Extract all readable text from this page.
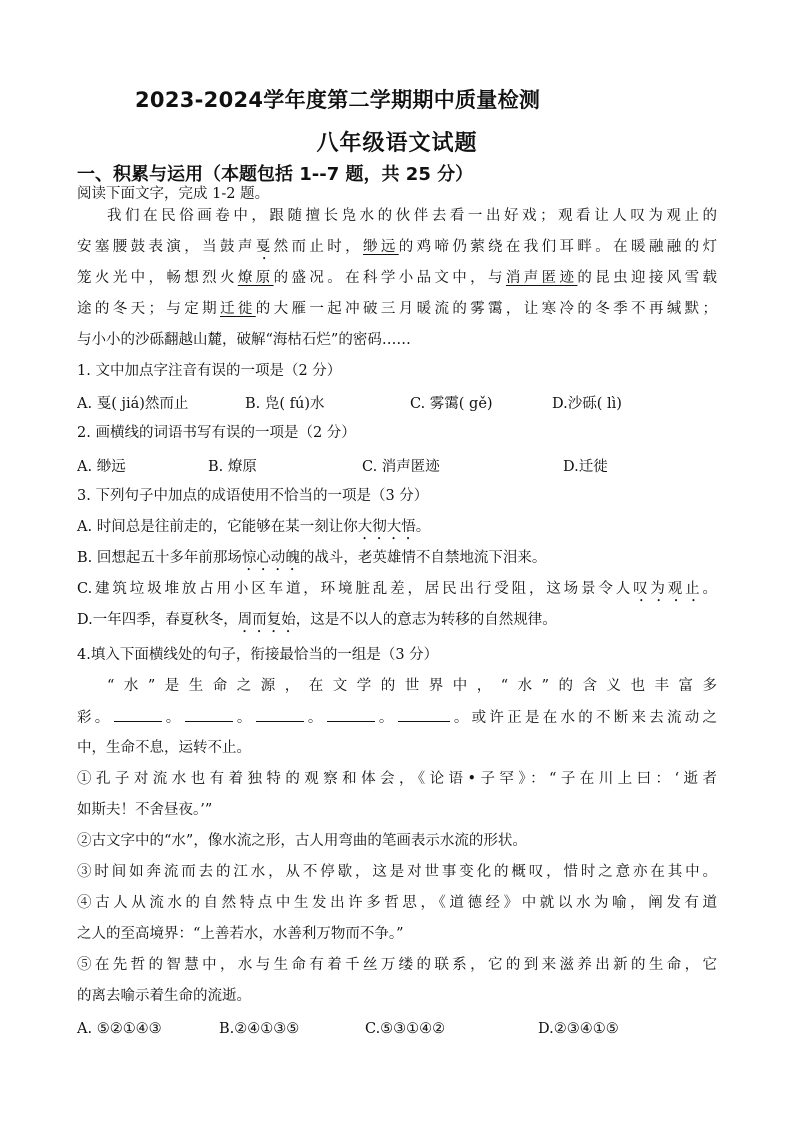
2023-2024学年度第二学期期中质量检测
八年级语文试题
一、积累与运用（本题包括 1--7 题，共 25 分）
阅读下面文字，完成 1-2 题。
我们在民俗画卷中，跟随擅长凫水的伙伴去看一出好戏；观看让人叹为观止的
安塞腰鼓表演，当鼓声戛然而止时，缈远的鸡啼仍萦绕在我们耳畔。在暖融融的灯
笼火光中，畅想烈火燎原的盛况。在科学小品文中，与消声匿迹的昆虫迎接风雪载
途的冬天；与定期迁徙的大雁一起冲破三月暖流的雾霭，让寒冷的冬季不再缄默；
与小小的沙砾翻越山麓，破解“海枯石烂”的密码……
1. 文中加点字注音有误的一项是（2 分）
A. 戛( jiá)然而止	B. 凫( fú)水	C. 雾霭( gě)	D.沙砾( lì)
2. 画横线的词语书写有误的一项是（2 分）
A. 缈远	B. 燎原	C. 消声匿迹	D.迁徙
3. 下列句子中加点的成语使用不恰当的一项是（3 分）
A. 时间总是往前走的，它能够在某一刻让你大彻大悟。
B. 回想起五十多年前那场惊心动魄的战斗，老英雄情不自禁地流下泪来。
C.建筑垃圾堆放占用小区车道，环境脏乱差，居民出行受阻，这场景令人叹为观止。
D.一年四季，春夏秋冬，周而复始，这是不以人的意志为转移的自然规律。
4.填入下面横线处的句子，衔接最恰当的一组是（3 分）
“水”是生命之源，在文学的世界中，“水”的含义也丰富多
彩。	。	。	。	。	。或许正是在水的不断来去流动之
中，生命不息，运转不止。
①孔子对流水也有着独特的观察和体会，《论语•子罕》：“子在川上曰：‘逝者
如斯夫！不舍昼夜。’”
②古文字中的“水”，像水流之形，古人用弯曲的笔画表示水流的形状。
③时间如奔流而去的江水，从不停歇，这是对世事变化的概叹，惜时之意亦在其中。
④古人从流水的自然特点中生发出许多哲思，《道德经》中就以水为喻，阐发有道
之人的至高境界：“上善若水，水善利万物而不争。”
⑤在先哲的智慧中，水与生命有着千丝万缕的联系，它的到来滋养出新的生命，它
的离去喻示着生命的流逝。
A. ⑤②①④③	B.②④①③⑤	C.⑤③①④②	D.②③④①⑤
